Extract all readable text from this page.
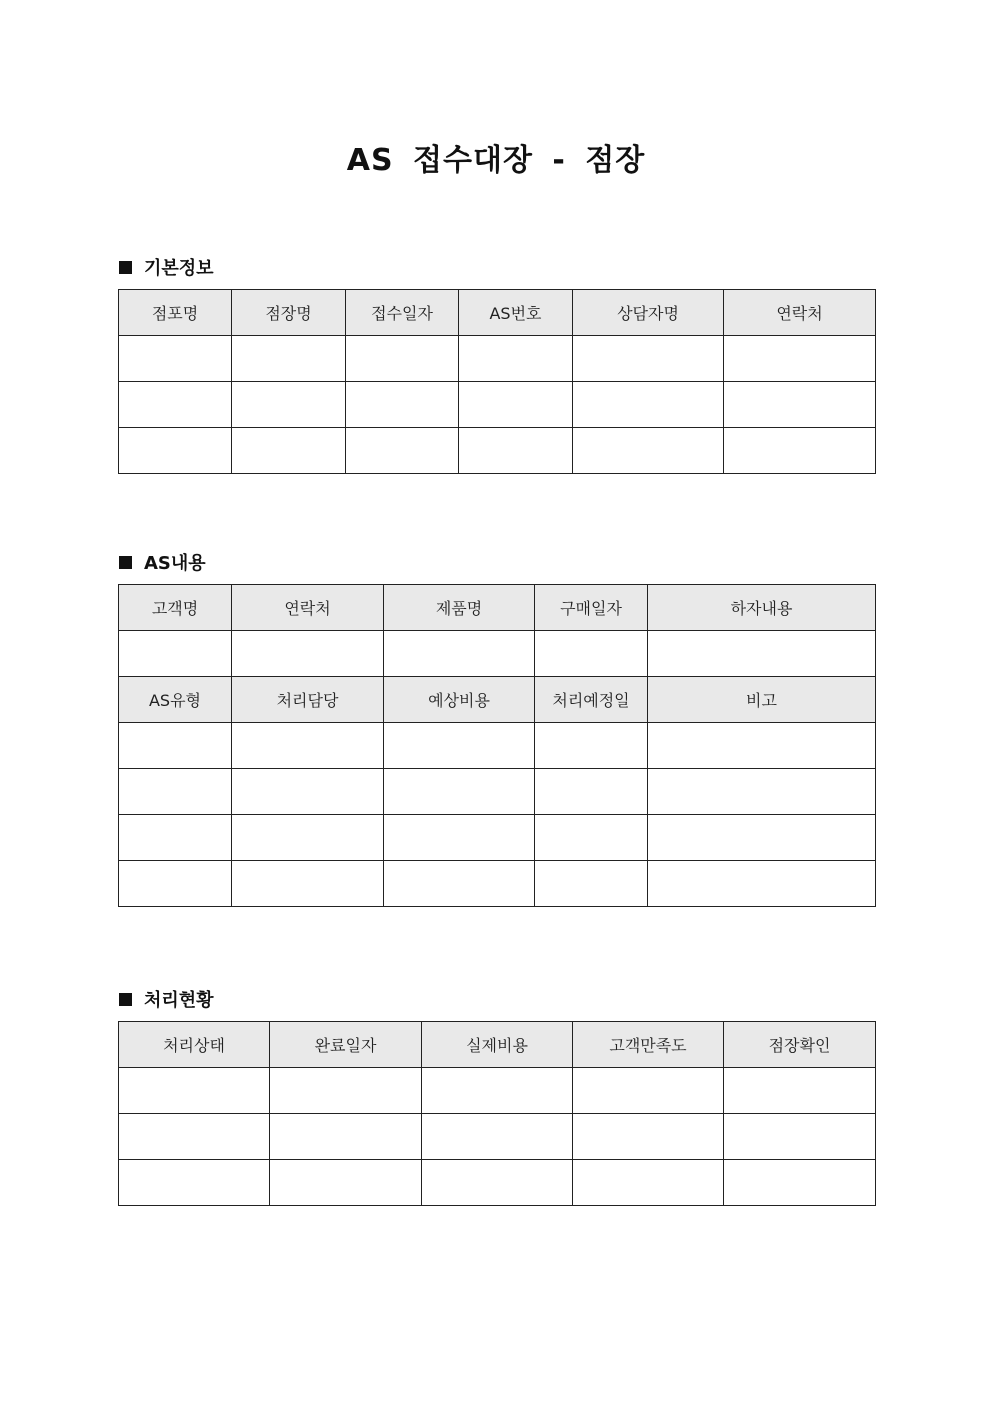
AS 접수대장 - 점장
기본정보
점포명	점장명	접수일자	AS번호	상담자명	연락처

AS내용
고객명	연락처	제품명	구매일자	하자내용

AS유형	처리담당	예상비용	처리예정일	비고

처리현황
처리상태	완료일자	실제비용	고객만족도	점장확인
